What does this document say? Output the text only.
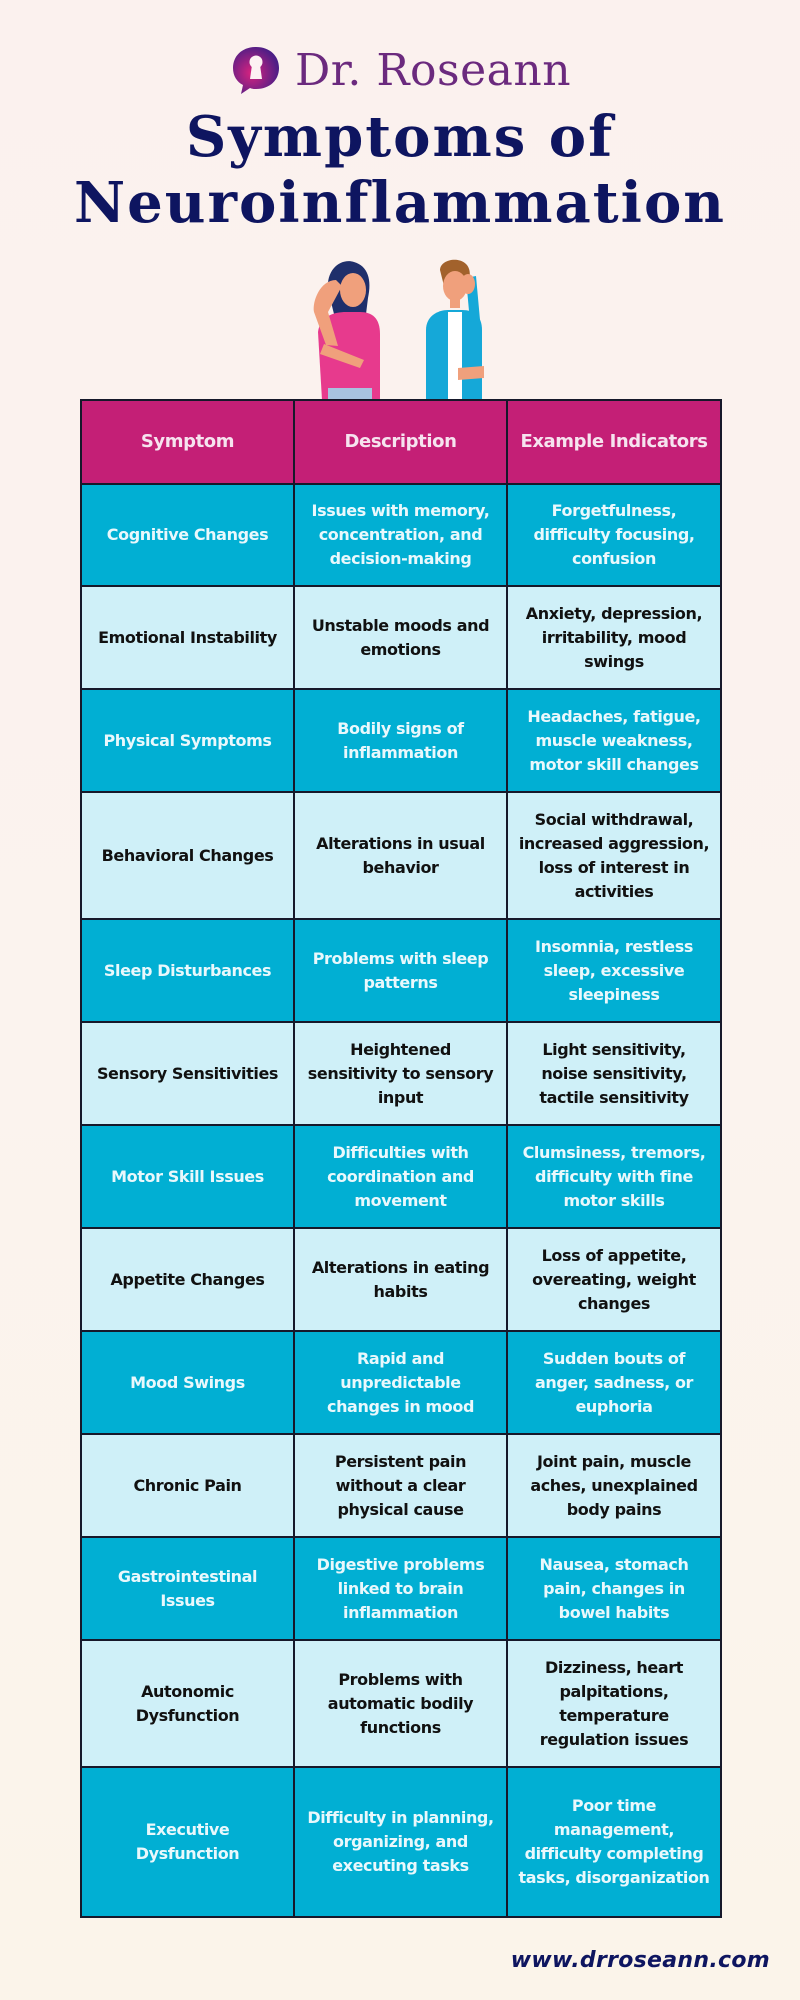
Dr. Roseann
Symptoms of
Neuroinflammation
Symptom	Description	Example Indicators
Cognitive Changes	Issues with memory, concentration, and decision-making	Forgetfulness, difficulty focusing, confusion
Emotional Instability	Unstable moods and emotions	Anxiety, depression, irritability, mood swings
Physical Symptoms	Bodily signs of inflammation	Headaches, fatigue, muscle weakness, motor skill changes
Behavioral Changes	Alterations in usual behavior	Social withdrawal, increased aggression, loss of interest in activities
Sleep Disturbances	Problems with sleep patterns	Insomnia, restless sleep, excessive sleepiness
Sensory Sensitivities	Heightened sensitivity to sensory input	Light sensitivity, noise sensitivity, tactile sensitivity
Motor Skill Issues	Difficulties with coordination and movement	Clumsiness, tremors, difficulty with fine motor skills
Appetite Changes	Alterations in eating habits	Loss of appetite, overeating, weight changes
Mood Swings	Rapid and unpredictable changes in mood	Sudden bouts of anger, sadness, or euphoria
Chronic Pain	Persistent pain without a clear physical cause	Joint pain, muscle aches, unexplained body pains
Gastrointestinal Issues	Digestive problems linked to brain inflammation	Nausea, stomach pain, changes in bowel habits
Autonomic Dysfunction	Problems with automatic bodily functions	Dizziness, heart palpitations, temperature regulation issues
Executive Dysfunction	Difficulty in planning, organizing, and executing tasks	Poor time management, difficulty completing tasks, disorganization
www.drroseann.com
